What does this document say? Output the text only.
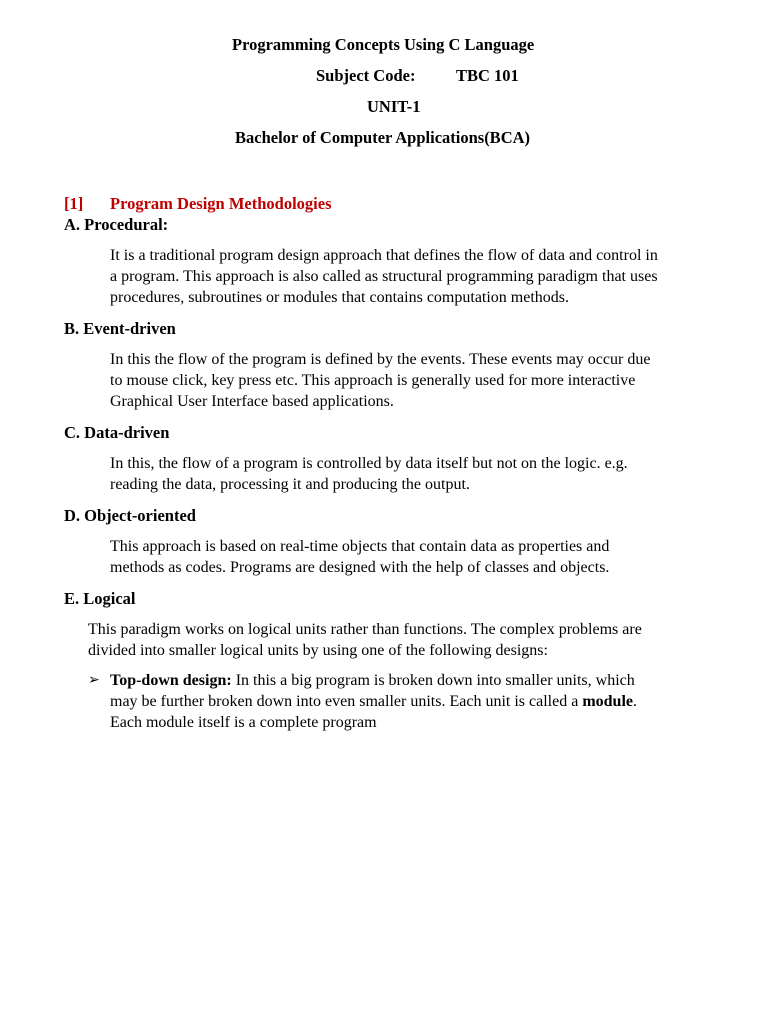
Programming Concepts Using C Language

Subject Code: TBC 101

UNIT-1

Bachelor of Computer Applications(BCA)

[1] Program Design Methodologies

A. Procedural:

It is a traditional program design approach that defines the flow of data and control in
a program. This approach is also called as structural programming paradigm that uses
procedures, subroutines or modules that contains computation methods.

B. Event-driven

In this the flow of the program is defined by the events. These events may occur due
to mouse click, key press etc. This approach is generally used for more interactive
Graphical User Interface based applications.

C. Data-driven

In this, the flow of a program is controlled by data itself but not on the logic. e.g.
reading the data, processing it and producing the output.

D. Object-oriented

This approach is based on real-time objects that contain data as properties and
methods as codes. Programs are designed with the help of classes and objects.

E. Logical

This paradigm works on logical units rather than functions. The complex problems are
divided into smaller logical units by using one of the following designs:
➢ Top-down design: In this a big program is broken down into smaller units, which
may be further broken down into even smaller units. Each unit is called a module.
Each module itself is a complete program
